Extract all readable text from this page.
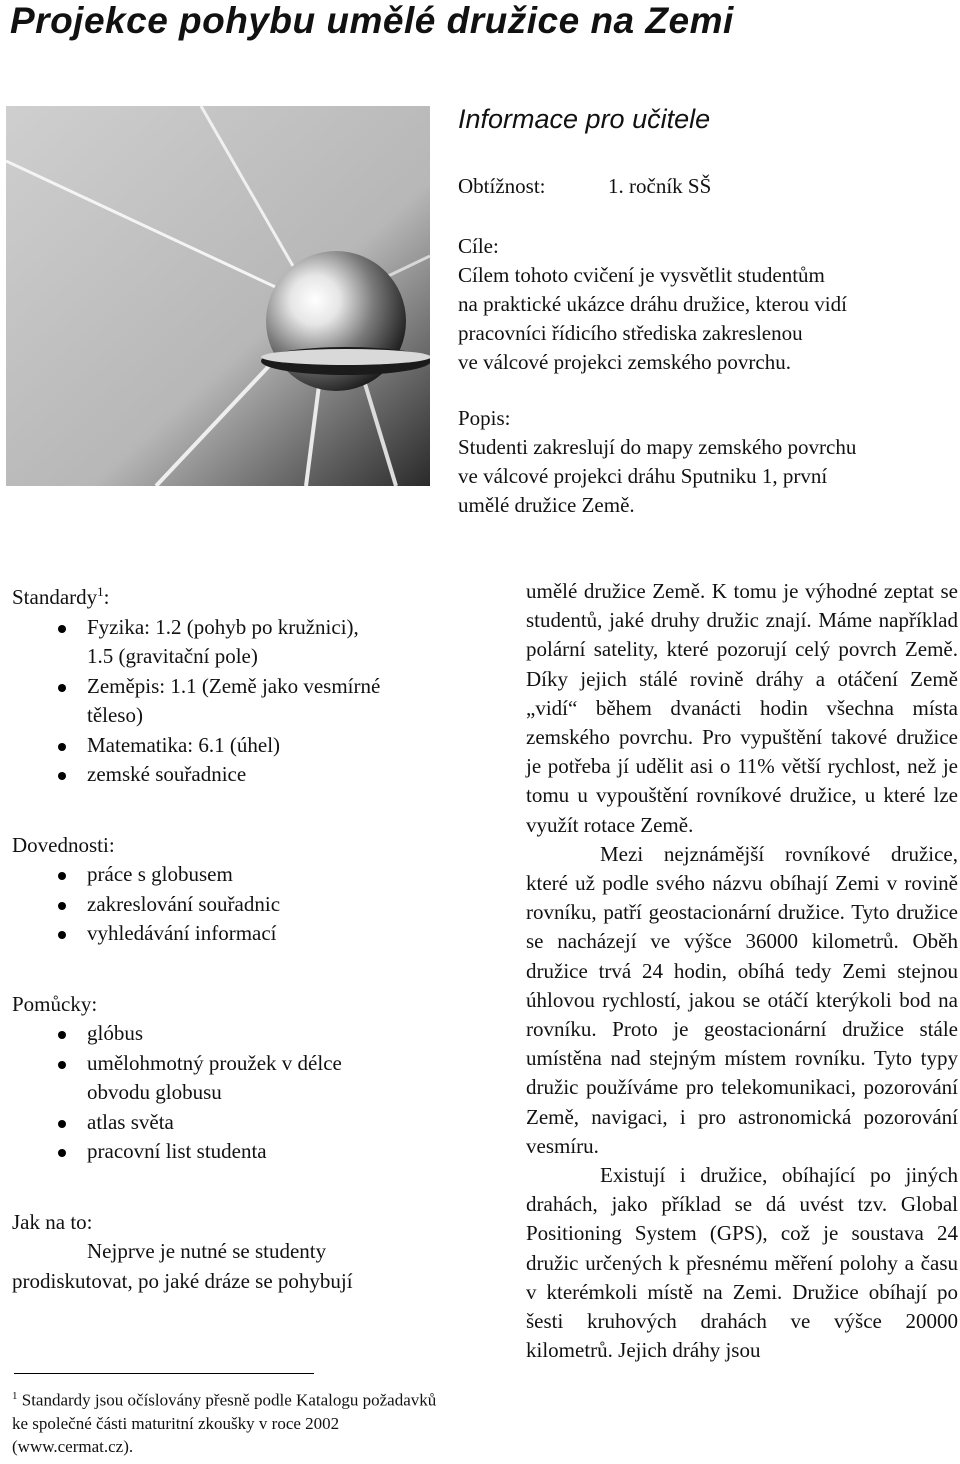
Projekce pohybu umělé družice na Zemi
Informace pro učitele
Obtížnost:	1. ročník SŠ
Cíle:
Cílem tohoto cvičení je vysvětlit studentům
na praktické ukázce dráhu družice, kterou vidí
pracovníci řídicího střediska zakreslenou
ve válcové projekci zemského povrchu.
Popis:
Studenti zakreslují do mapy zemského povrchu
ve válcové projekci dráhu Sputniku 1, první
umělé družice Země.
Standardy$^1$:
Fyzika: 1.2 (pohyb po kružnici), 1.5 (gravitační pole)
Zeměpis: 1.1 (Země jako vesmírné těleso)
Matematika: 6.1 (úhel)
zemské souřadnice
Dovednosti:
práce s globusem
zakreslování souřadnic
vyhledávání informací
Pomůcky:
glóbus
umělohmotný proužek v délce obvodu globusu
atlas světa
pracovní list studenta
Jak na to:
Nejprve je nutné se studenty
prodiskutovat, po jaké dráze se pohybují
$^1$ Standardy jsou očíslovány přesně podle Katalogu požadavků ke společné části maturitní zkoušky v roce 2002 (www.cermat.cz).

umělé družice Země. K tomu je výhodné zeptat se studentů, jaké druhy družic znají. Máme například polární satelity, které pozorují celý povrch Země. Díky jejich stálé rovině dráhy a otáčení Země „vidí“ během dvanácti hodin všechna místa zemského povrchu. Pro vypuštění takové družice je potřeba jí udělit asi o 11% větší rychlost, než je tomu u vypouštění rovníkové družice, u které lze využít rotace Země.

Mezi nejznámější rovníkové družice, které už podle svého názvu obíhají Zemi v rovině rovníku, patří geostacionární družice. Tyto družice se nacházejí ve výšce 36000 kilometrů. Oběh družice trvá 24 hodin, obíhá tedy Zemi stejnou úhlovou rychlostí, jakou se otáčí kterýkoli bod na rovníku. Proto je geostacionární družice stále umístěna nad stejným místem rovníku. Tyto typy družic používáme pro telekomunikaci, pozorování Země, navigaci, i pro astronomická pozorování vesmíru.

Existují i družice, obíhající po jiných drahách, jako příklad se dá uvést tzv. Global Positioning System (GPS), což je soustava 24 družic určených k přesnému měření polohy a času v kterémkoli místě na Zemi. Družice obíhají po šesti kruhových drahách ve výšce 20000 kilometrů. Jejich dráhy jsou
